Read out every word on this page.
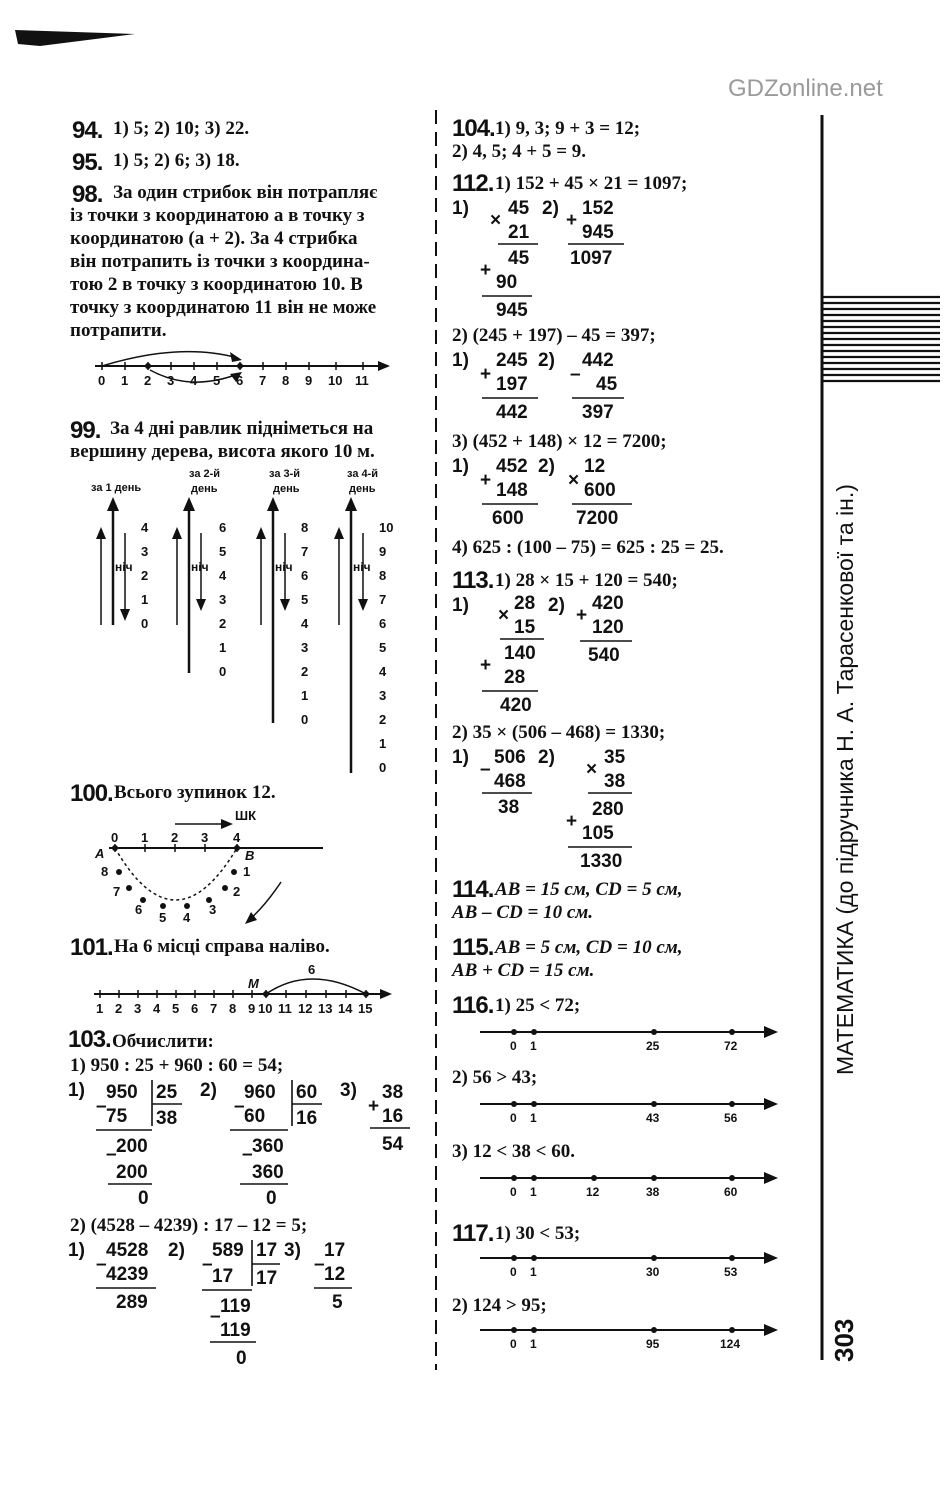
GDZonline.net
МАТЕМАТИКА (до підручника Н. А. Тарасенкової та ін.)
303
94. 1) 5; 2) 10; 3) 22.
95. 1) 5; 2) 6; 3) 18.
98. За один стрибок він потрапляє
із точки з координатою a в точку з
координатою (a + 2). За 4 стрибка
він потрапить із точки з координа-
тою 2 в точку з координатою 10. В
точку з координатою 11 він не може
потрапити.
0 1 2 3 4 5 6 7 8 9 10 11
99. За 4 дні равлик підніметься на
вершину дерева, висота якого 10 м.
за 1 день
за 2-й
день
за 3-й
день
за 4-й
день
ніч	ніч	ніч	ніч
4
3
2
1
0
6
5
4
3
2
1
0
8
7
6
5
4
3
2
1
0
10
9
8
7
6
5
4
3
2
1
0
100. Всього зупинок 12.
ШК
0 1 2 3 4
A	B
8
7
6
5 4
3
2
1
101. На 6 місці справа наліво.
6
M
1 2 3 4 5 6 7 8 9 10 11 12 13 14 15
103. Обчислити:
1) 950 : 25 + 960 : 60 = 54;
1) 950 25
75 38
200
200
0
2) 960 60
60 16
360
360
0
3) 38
16
54
–
–
–
–
+
2) (4528 – 4239) : 17 – 12 = 5;
1) 4528
4239
289
2) 589 17
17 17
119
119
0
3) 17
12
5
–	–
–
–
104. 1) 9, 3; 9 + 3 = 12;
2) 4, 5; 4 + 5 = 9.
112. 1) 152 + 45 × 21 = 1097;
1) 45
21
45
90
945
2) 152
945
1097
×
+
+
2) (245 + 197) – 45 = 397;
1) 245
197
442
2) 442
45
397
+	–
3) (452 + 148) × 12 = 7200;
1) 452
148
600
2) 12
600
7200
+	×
4) 625 : (100 – 75) = 625 : 25 = 25.
113. 1) 28 × 15 + 120 = 540;
1) 28
15
140
28
420
2) 420
120
540
×
+
+
2) 35 × (506 – 468) = 1330;
1) 506
468
38
2)	35
38
280
105
1330
–	×
+
114. AB = 15 см, CD = 5 см,
AB – CD = 10 см.
115. AB = 5 см, CD = 10 см,
AB + CD = 15 см.
116. 1) 25 < 72;
0 1	25	72
2) 56 > 43;
0 1	43	56
3) 12 < 38 < 60.
0 1	12	38	60
117. 1) 30 < 53;
0 1	30	53
2) 124 > 95;
0 1	95	124
